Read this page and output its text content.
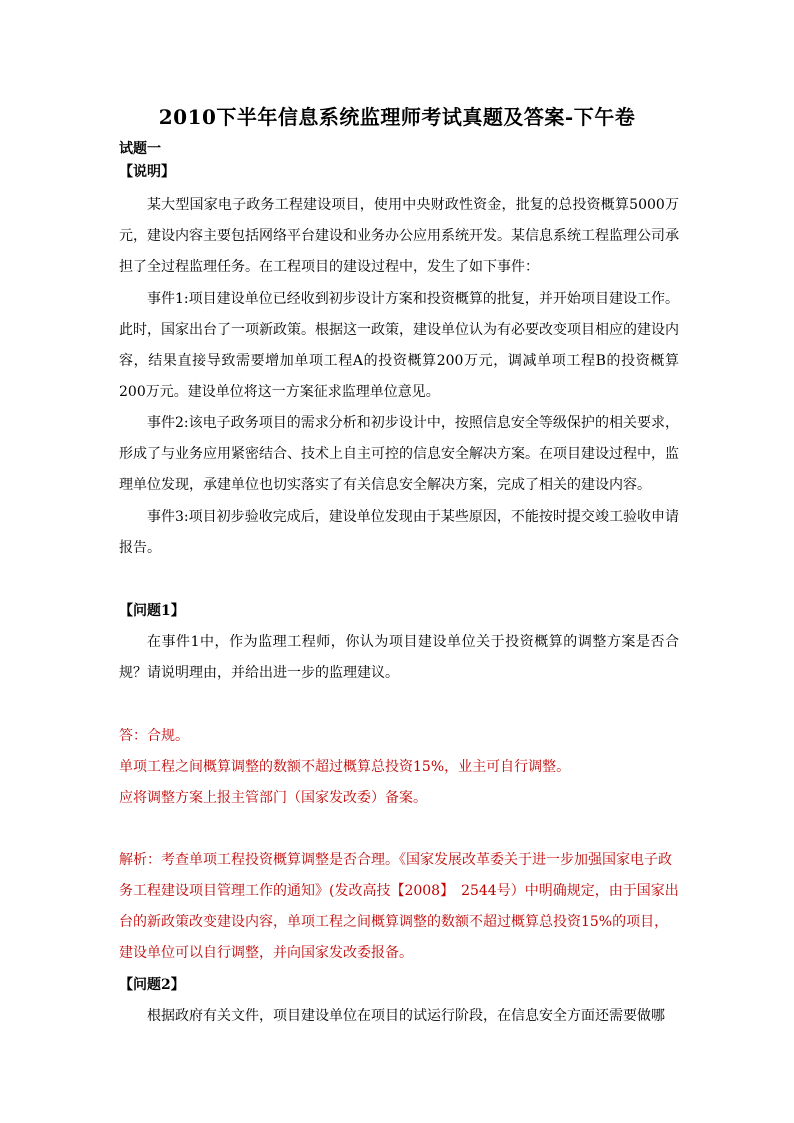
2010下半年信息系统监理师考试真题及答案-下午卷
试题一
【说明】

某大型国家电子政务工程建设项目，使用中央财政性资金，批复的总投资概算5000万元，建设内容主要包括网络平台建设和业务办公应用系统开发。某信息系统工程监理公司承担了全过程监理任务。在工程项目的建设过程中，发生了如下事件：

事件1:项目建设单位已经收到初步设计方案和投资概算的批复，并开始项目建设工作。此时，国家出台了一项新政策。根据这一政策，建设单位认为有必要改变项目相应的建设内容，结果直接导致需要增加单项工程A的投资概算200万元，调减单项工程B的投资概算200万元。建设单位将这一方案征求监理单位意见。

事件2:该电子政务项目的需求分析和初步设计中，按照信息安全等级保护的相关要求，形成了与业务应用紧密结合、技术上自主可控的信息安全解决方案。在项目建设过程中，监理单位发现，承建单位也切实落实了有关信息安全解决方案，完成了相关的建设内容。

事件3:项目初步验收完成后，建设单位发现由于某些原因，不能按时提交竣工验收申请报告。

【问题1】

在事件1中，作为监理工程师，你认为项目建设单位关于投资概算的调整方案是否合规？请说明理由，并给出进一步的监理建议。

答：合规。
单项工程之间概算调整的数额不超过概算总投资15%，业主可自行调整。
应将调整方案上报主管部门（国家发改委）备案。
解析：考查单项工程投资概算调整是否合理。《国家发展改革委关于进一步加强国家电子政
务工程建设项目管理工作的通知》(发改高技【2008】　2544号）中明确规定，由于国家出
台的新政策改变建设内容，单项工程之间概算调整的数额不超过概算总投资15%的项目，
建设单位可以自行调整，并向国家发改委报备。
【问题2】

根据政府有关文件，项目建设单位在项目的试运行阶段，在信息安全方面还需要做哪
